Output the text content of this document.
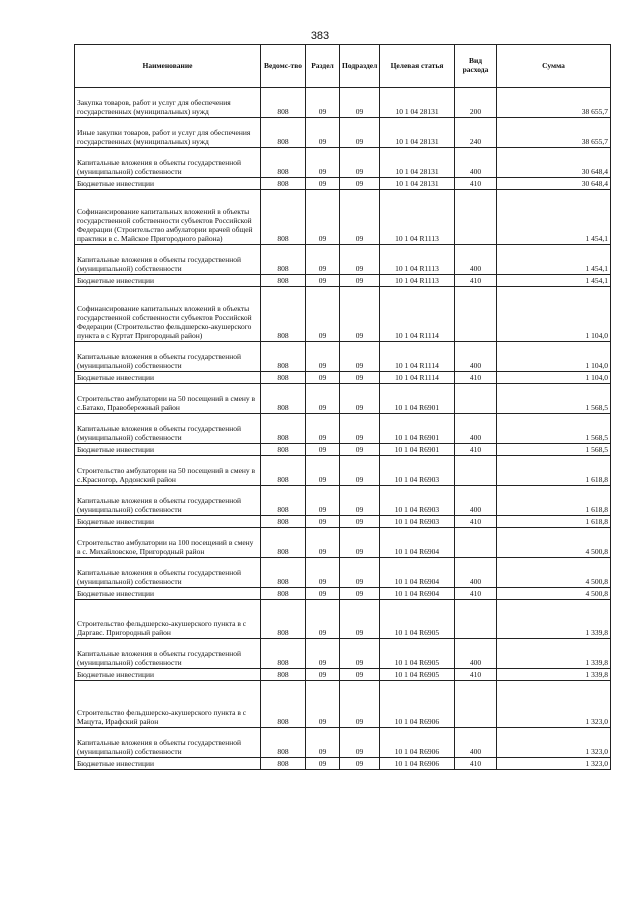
383
Наименование	Ведомс-тво	Раздел	Подраздел	Целевая статья	Вид расхода	Сумма
Закупка товаров, работ и услуг для обеспечения государственных (муниципальных) нужд	808	09	09	10 1 04 28131	200	38 655,7
Иные закупки товаров, работ и услуг для обеспечения государственных (муниципальных) нужд	808	09	09	10 1 04 28131	240	38 655,7
Капитальные вложения в объекты государственной (муниципальной) собственности	808	09	09	10 1 04 28131	400	30 648,4
Бюджетные инвестиции	808	09	09	10 1 04 28131	410	30 648,4
Софинансирование капитальных вложений в объекты государственной собственности субъектов Российской Федерации (Строительство амбулатории врачей общей практики в с. Майское Пригородного района)	808	09	09	10 1 04 R1113		1 454,1
Капитальные вложения в объекты государственной (муниципальной) собственности	808	09	09	10 1 04 R1113	400	1 454,1
Бюджетные инвестиции	808	09	09	10 1 04 R1113	410	1 454,1
Софинансирование капитальных вложений в объекты государственной собственности субъектов Российской Федерации (Строительство фельдшерско-акушерского пункта в с Куртат Пригородный район)	808	09	09	10 1 04 R1114		1 104,0
Капитальные вложения в объекты государственной (муниципальной) собственности	808	09	09	10 1 04 R1114	400	1 104,0
Бюджетные инвестиции	808	09	09	10 1 04 R1114	410	1 104,0
Строительство амбулатории на 50 посещений в смену в с.Батако, Правобережный район	808	09	09	10 1 04 R6901		1 568,5
Капитальные вложения в объекты государственной (муниципальной) собственности	808	09	09	10 1 04 R6901	400	1 568,5
Бюджетные инвестиции	808	09	09	10 1 04 R6901	410	1 568,5
Строительство амбулатории на 50 посещений в смену в с.Красногор, Ардонский район	808	09	09	10 1 04 R6903		1 618,8
Капитальные вложения в объекты государственной (муниципальной) собственности	808	09	09	10 1 04 R6903	400	1 618,8
Бюджетные инвестиции	808	09	09	10 1 04 R6903	410	1 618,8
Строительство амбулатории на 100 посещений в смену в с. Михайловское, Пригородный район	808	09	09	10 1 04 R6904		4 500,8
Капитальные вложения в объекты государственной (муниципальной) собственности	808	09	09	10 1 04 R6904	400	4 500,8
Бюджетные инвестиции	808	09	09	10 1 04 R6904	410	4 500,8
Строительство фельдшерско-акушерского пункта в с Даргавс. Пригородный район	808	09	09	10 1 04 R6905		1 339,8
Капитальные вложения в объекты государственной (муниципальной) собственности	808	09	09	10 1 04 R6905	400	1 339,8
Бюджетные инвестиции	808	09	09	10 1 04 R6905	410	1 339,8
Строительство фельдшерско-акушерского пункта в с Мацута, Ирафский район	808	09	09	10 1 04 R6906		1 323,0
Капитальные вложения в объекты государственной (муниципальной) собственности	808	09	09	10 1 04 R6906	400	1 323,0
Бюджетные инвестиции	808	09	09	10 1 04 R6906	410	1 323,0
